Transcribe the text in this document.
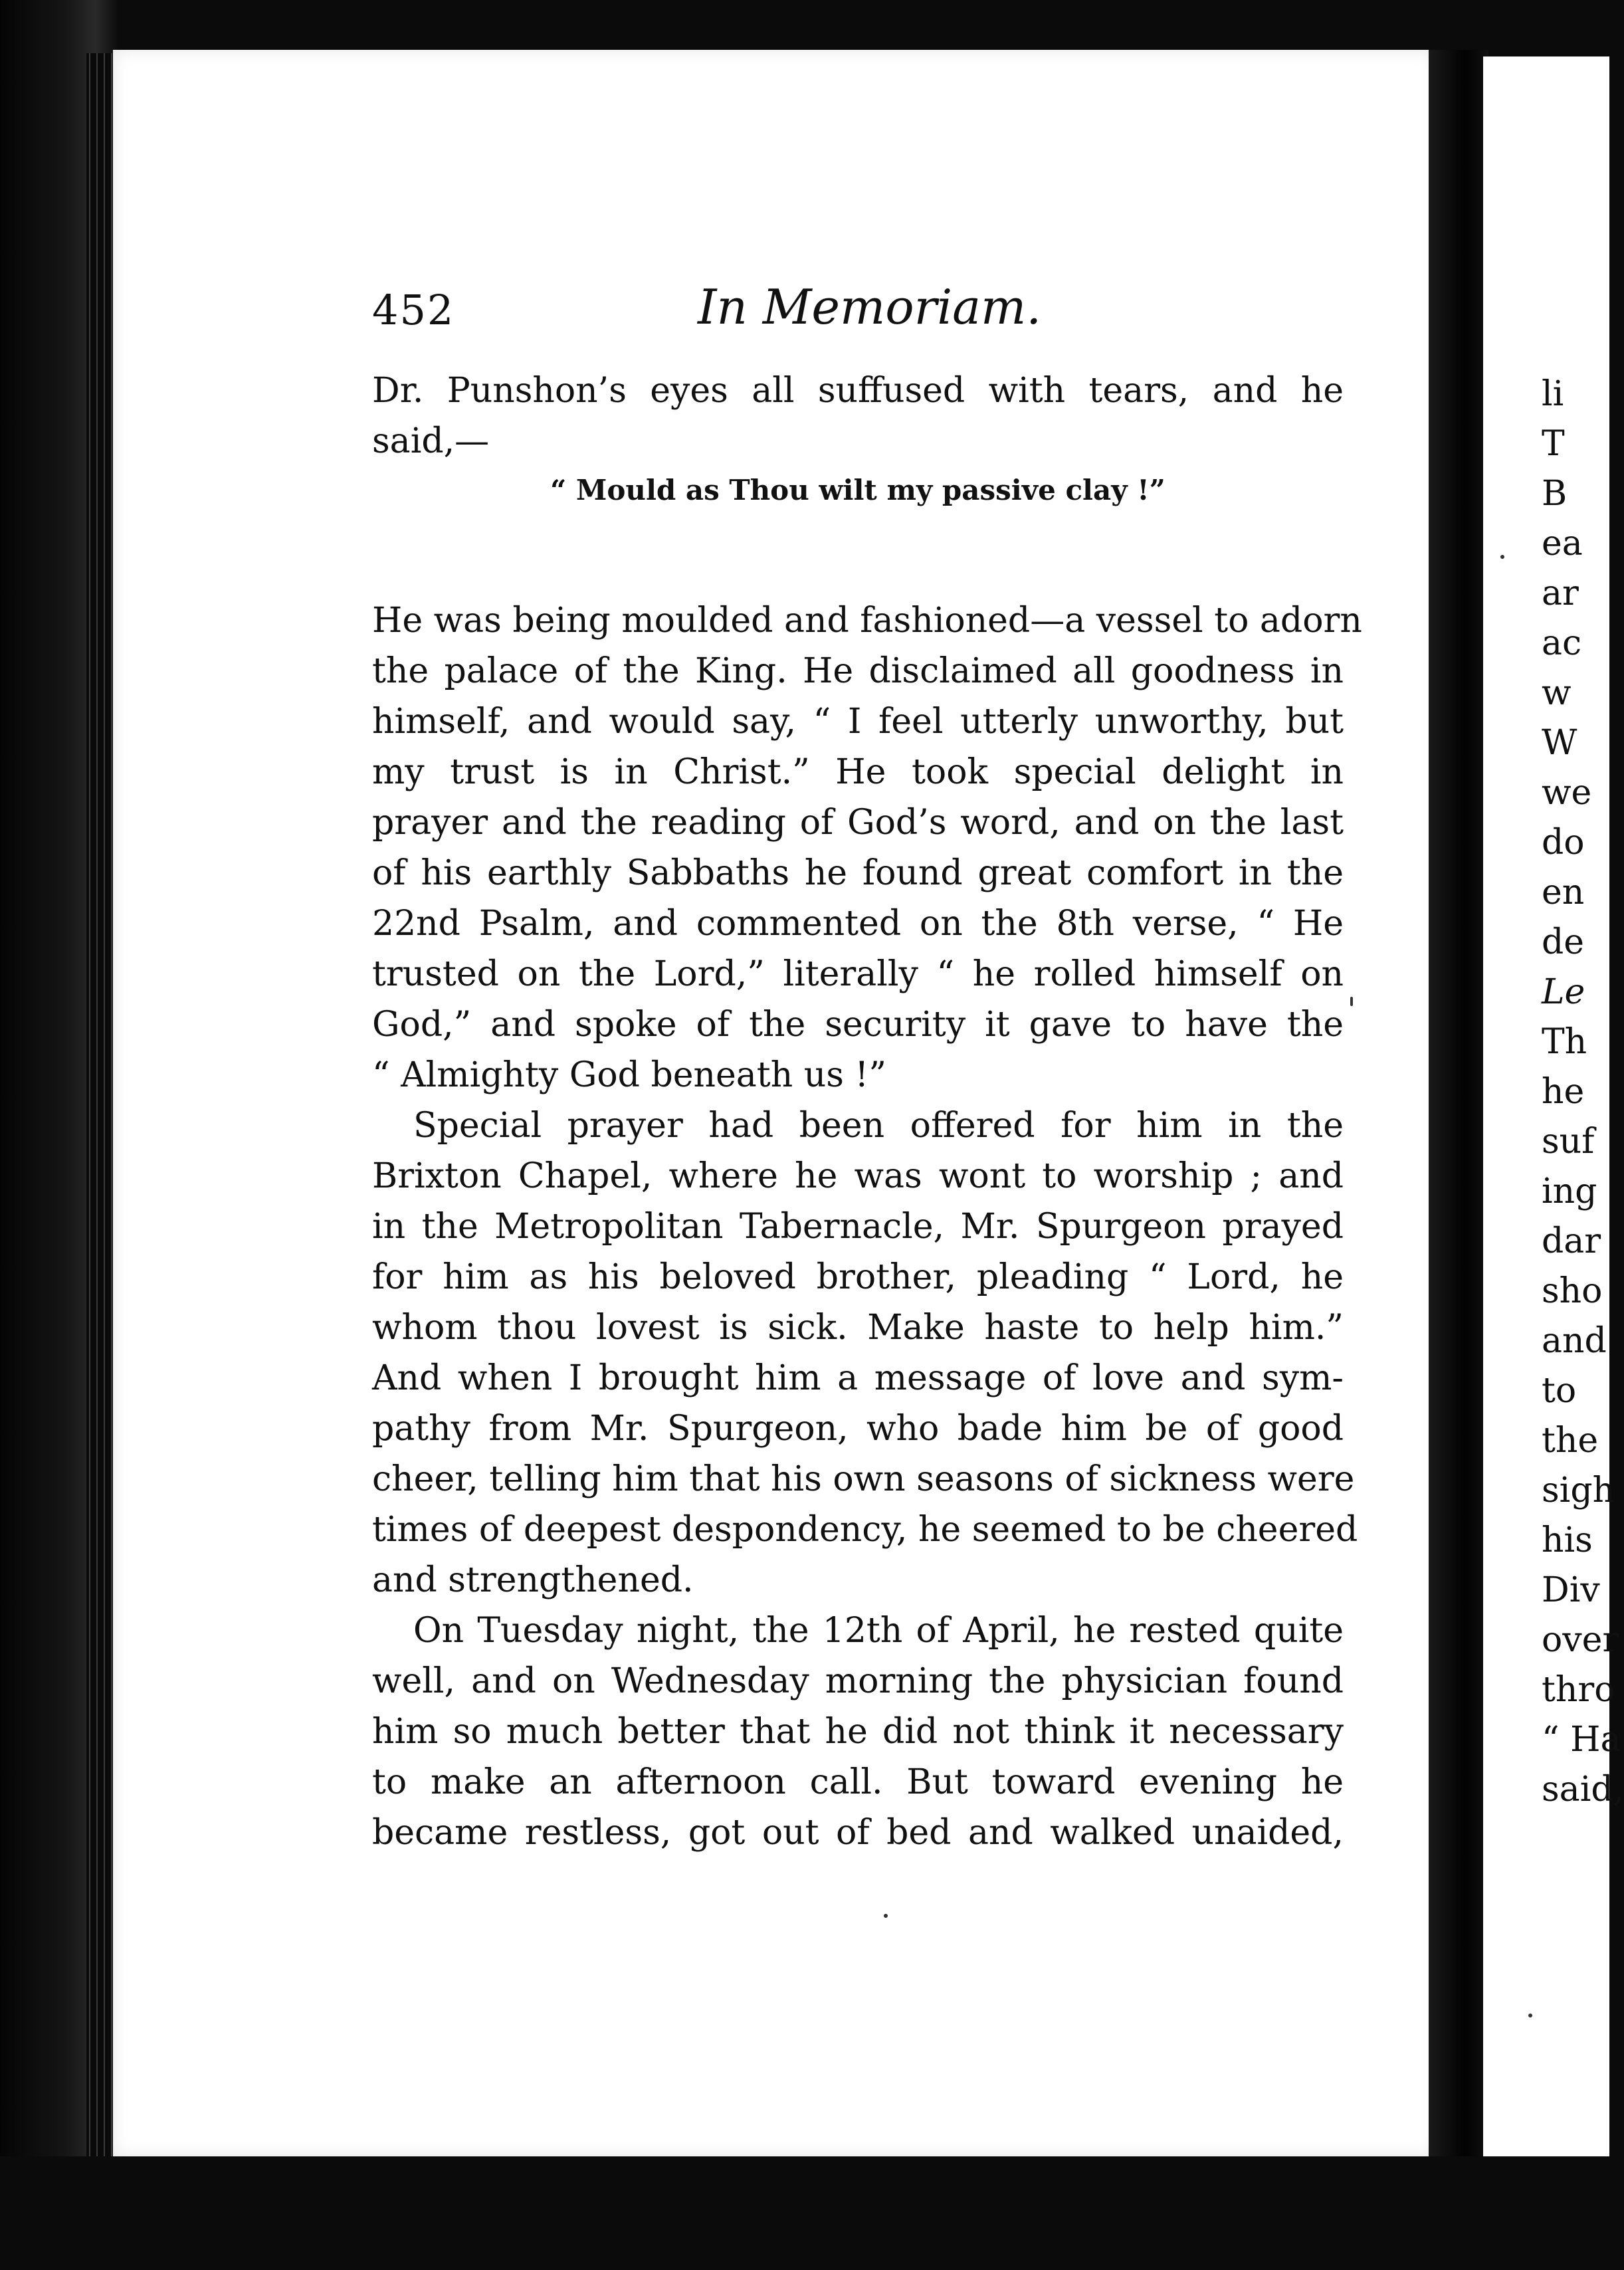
li
T
B
ea
ar
ac
w
W
we
do
en
de
Le
Th
he
suf
ing
dar
sho
and
to
the
sigh
his
Div
over
thro
“ Ha
said,
452	In Memoriam.
Dr. Punshon’s eyes all suffused with tears, and he
said,—
“ Mould as Thou wilt my passive clay !”
He was being moulded and fashioned—a vessel to adorn
the palace of the King. He disclaimed all goodness in
himself, and would say, “ I feel utterly unworthy, but
my trust is in Christ.” He took special delight in
prayer and the reading of God’s word, and on the last
of his earthly Sabbaths he found great comfort in the
22nd Psalm, and commented on the 8th verse, “ He
trusted on the Lord,” literally “ he rolled himself on
God,” and spoke of the security it gave to have the
“ Almighty God beneath us !”
Special prayer had been offered for him in the
Brixton Chapel, where he was wont to worship ; and
in the Metropolitan Tabernacle, Mr. Spurgeon prayed
for him as his beloved brother, pleading “ Lord, he
whom thou lovest is sick. Make haste to help him.”
And when I brought him a message of love and sym-
pathy from Mr. Spurgeon, who bade him be of good
cheer, telling him that his own seasons of sickness were
times of deepest despondency, he seemed to be cheered
and strengthened.
On Tuesday night, the 12th of April, he rested quite
well, and on Wednesday morning the physician found
him so much better that he did not think it necessary
to make an afternoon call. But toward evening he
became restless, got out of bed and walked unaided,
